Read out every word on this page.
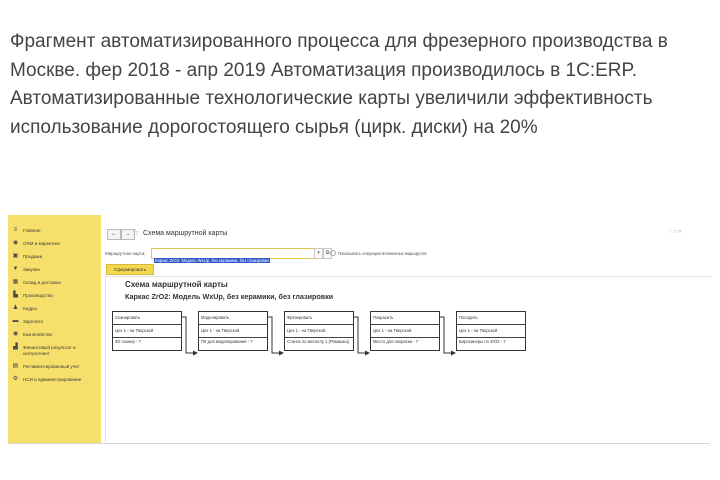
Фрагмент автоматизированного процесса для фрезерного производства в Москве. фер 2018 - апр 2019 Автоматизация производилось в 1С:ERP. Автоматизированные технологические карты увеличили эффективность использование дорогостоящего сырья (цирк. диски) на 20%
≡	Главное
◉ CRM и маркетинг
▣ Продажи
▼ Закупки
▦ Склад и доставка
▙ Производство
♟ Кадры
▬ Зарплата
◉ Казначейство
▟ Финансовый результат и контроллинг
▤ Регламентированный учет
⚙ НСИ и администрирование
←	→ ☆ Схема маршрутной карты	⋮ □ ×
Маршрутная карта:
Каркас ZrO2: Модель WxUp, без керамики, без глазировки
▾	⧉	Показывать операции вложенных маршрутов
Сформировать
Схема маршрутной карты
Каркас ZrO2: Модель WxUp, без керамики, без глазировки
Сканировать
Цех 1 - на Тверской
3D сканер - 7
Моделировать
Цех 1 - на Тверской
ПК для моделирования - 7
Фрезеровать
Цех 1 - на Тверской
Станок по металлу 1 (Ромашка)
Покрасить
Цех 1 - на Тверской
Место для покраски - 7
Посадить
Цех 1 - на Тверской
Боросинеры по ZrO2 - 7
